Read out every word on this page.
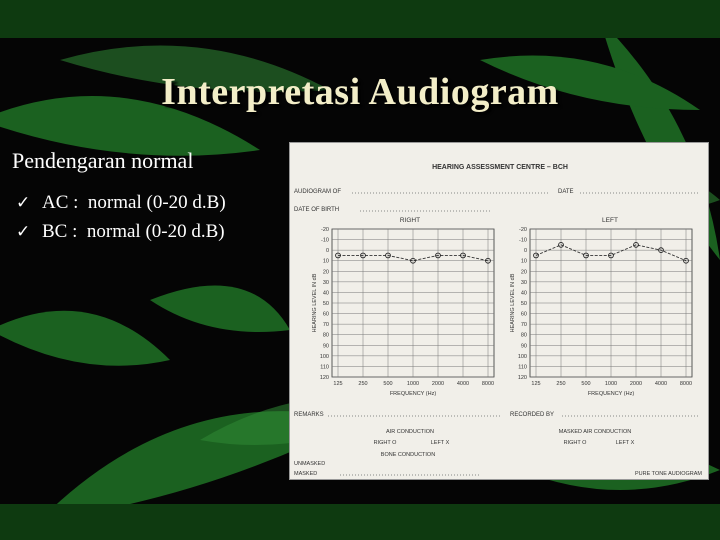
Interpretasi Audiogram
Pendengaran normal
✓ AC :  normal (0-20 d.B)
✓ BC :  normal (0-20 d.B)
HEARING ASSESSMENT CENTRE – BCH
AUDIOGRAM OF	DATE
DATE OF BIRTH
RIGHT	LEFT
-20
-10
0
10
20
30
40
50
60
70
80
90
100
110
120
125	250	500	1000 2000 4000 8000
HEARING LEVEL IN dB
FREQUENCY (Hz)
-20
-10
0
10
20
30
40
50
60
70
80
90
100
110
120
125	250	500	1000 2000 4000 8000
HEARING LEVEL IN dB
FREQUENCY (Hz)
REMARKS	RECORDED BY
AIR CONDUCTION	MASKED AIR CONDUCTION
RIGHT O	LEFT X	RIGHT O	LEFT X
BONE CONDUCTION
UNMASKED
MASKED	PURE TONE AUDIOGRAM
